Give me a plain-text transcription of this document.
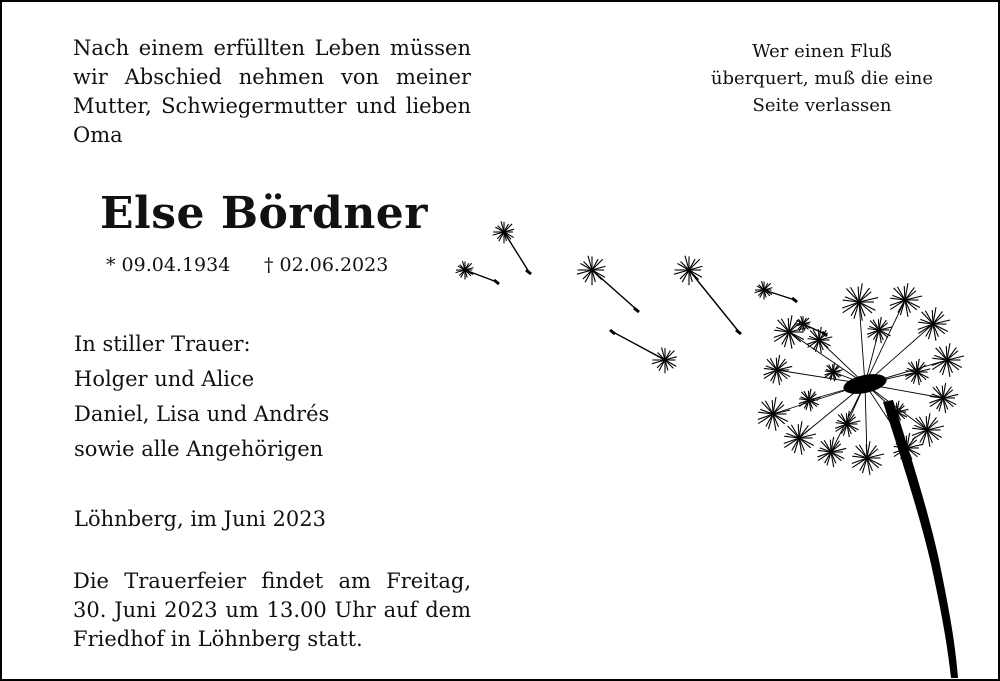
Nach einem erfüllten Leben müssen wir Abschied nehmen von meiner Mutter, Schwiegermutter und lieben Oma
Wer einen Fluß
überquert, muß die eine
Seite verlassen
Else Bördner
* 09.04.1934 † 02.06.2023
In stiller Trauer:
Holger und Alice
Daniel, Lisa und Andrés
sowie alle Angehörigen
Löhnberg, im Juni 2023
Die Trauerfeier findet am Freitag, 30. Juni 2023 um 13.00 Uhr auf dem Friedhof in Löhnberg statt.
